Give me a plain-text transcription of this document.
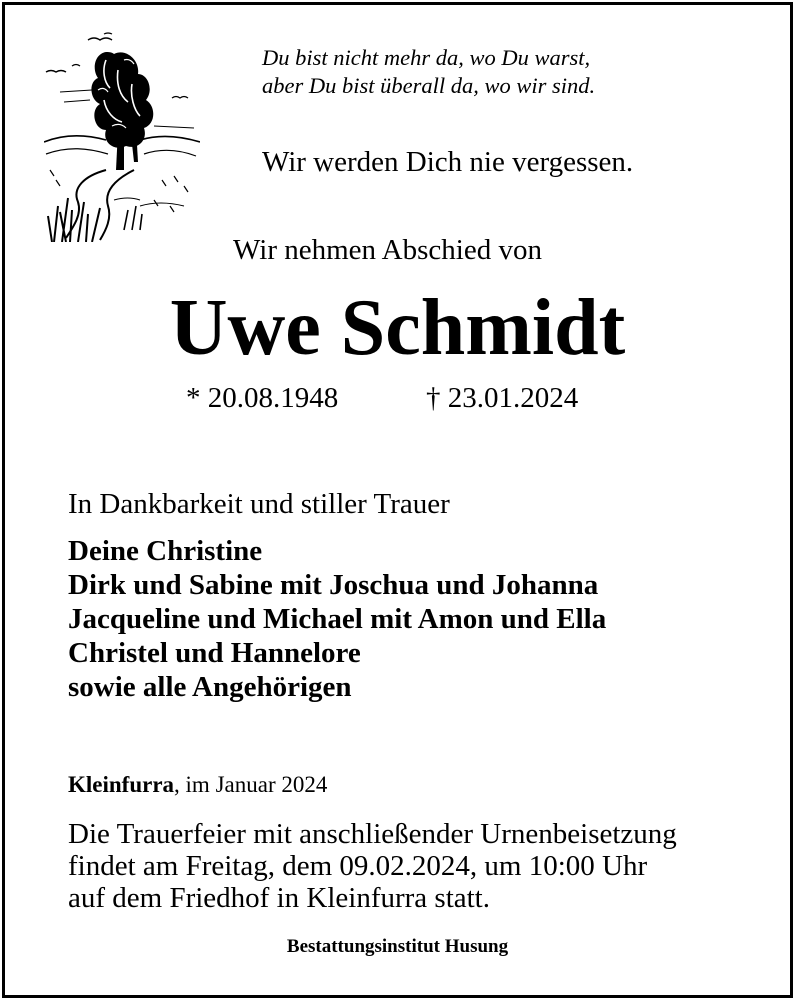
Du bist nicht mehr da, wo Du warst,
aber Du bist überall da, wo wir sind.
Wir werden Dich nie vergessen.
Wir nehmen Abschied von
Uwe Schmidt
* 20.08.1948	† 23.01.2024
In Dankbarkeit und stiller Trauer
Deine Christine
Dirk und Sabine mit Joschua und Johanna
Jacqueline und Michael mit Amon und Ella
Christel und Hannelore
sowie alle Angehörigen
Kleinfurra, im Januar 2024
Die Trauerfeier mit anschließender Urnenbeisetzung
findet am Freitag, dem 09.02.2024, um 10:00 Uhr
auf dem Friedhof in Kleinfurra statt.
Bestattungsinstitut Husung
